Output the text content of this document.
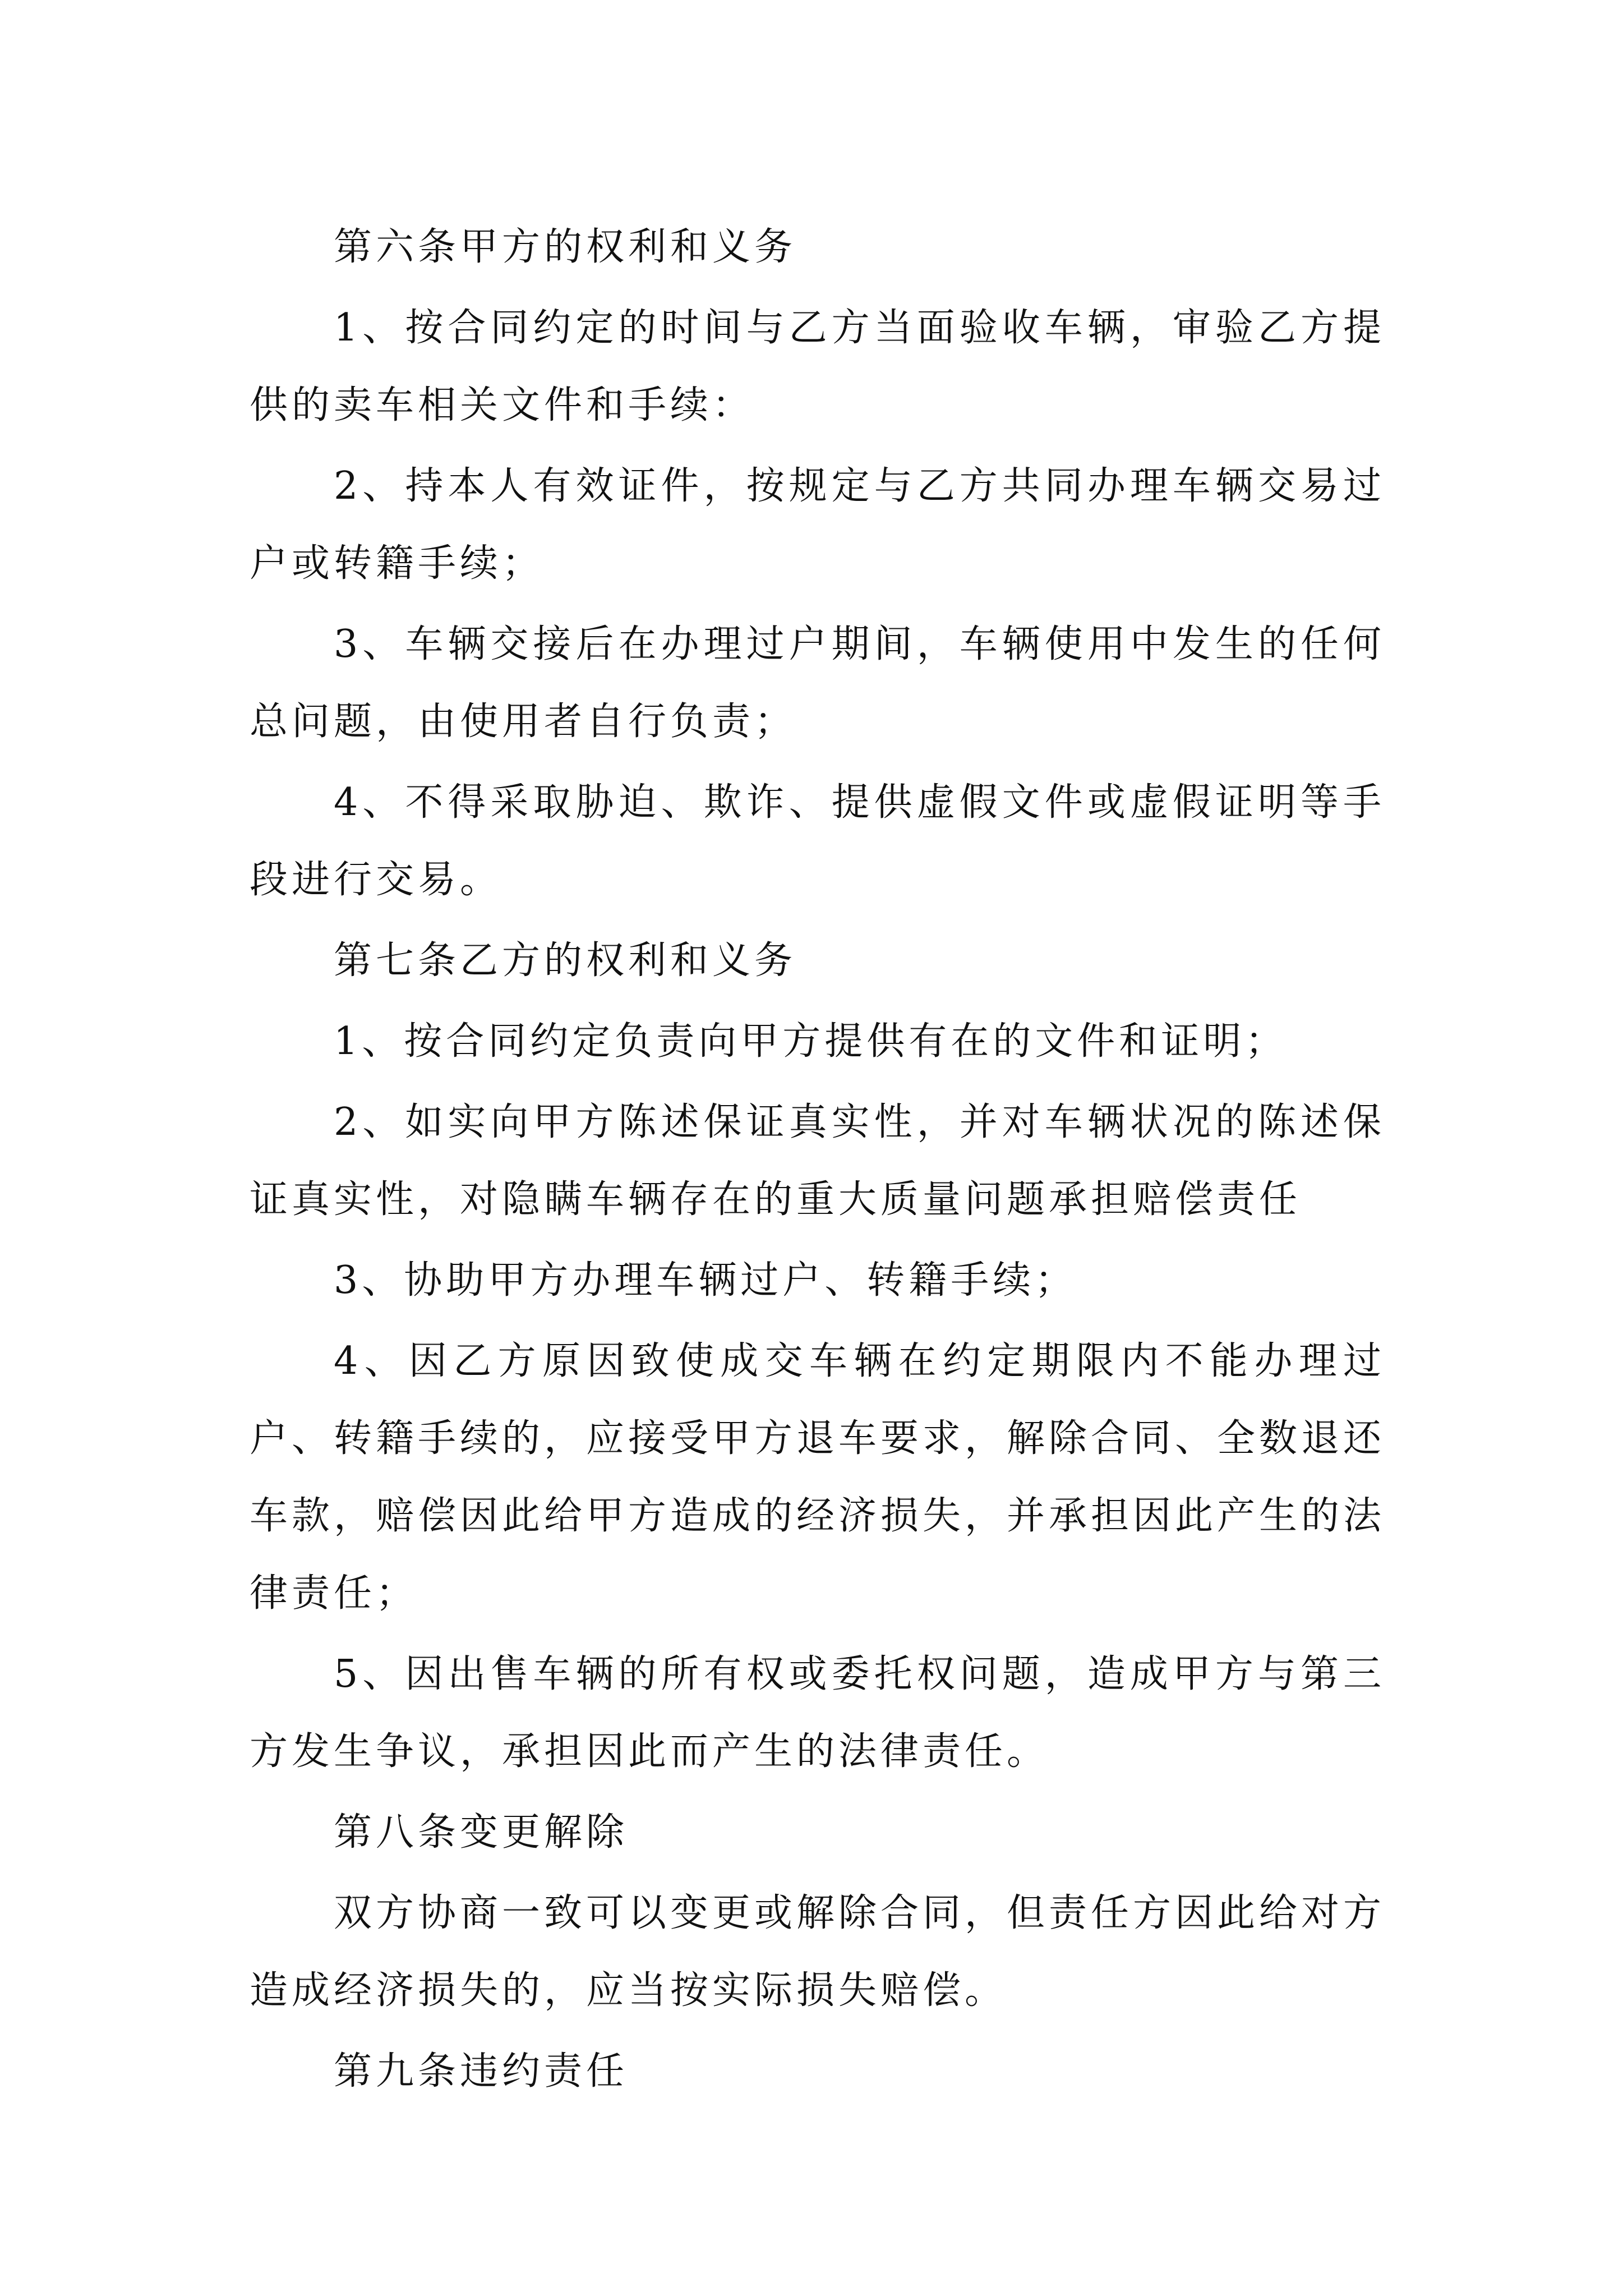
第六条甲方的权利和义务

1、按合同约定的时间与乙方当面验收车辆，审验乙方提供的卖车相关文件和手续：

2、持本人有效证件，按规定与乙方共同办理车辆交易过户或转籍手续；

3、车辆交接后在办理过户期间，车辆使用中发生的任何总问题，由使用者自行负责；

4、不得采取胁迫、欺诈、提供虚假文件或虚假证明等手段进行交易。

第七条乙方的权利和义务

1、按合同约定负责向甲方提供有在的文件和证明；

2、如实向甲方陈述保证真实性，并对车辆状况的陈述保证真实性，对隐瞒车辆存在的重大质量问题承担赔偿责任

3、协助甲方办理车辆过户、转籍手续；

4、因乙方原因致使成交车辆在约定期限内不能办理过户、转籍手续的，应接受甲方退车要求，解除合同、全数退还车款，赔偿因此给甲方造成的经济损失，并承担因此产生的法律责任；

5、因出售车辆的所有权或委托权问题，造成甲方与第三方发生争议，承担因此而产生的法律责任。

第八条变更解除

双方协商一致可以变更或解除合同，但责任方因此给对方造成经济损失的，应当按实际损失赔偿。

第九条违约责任
